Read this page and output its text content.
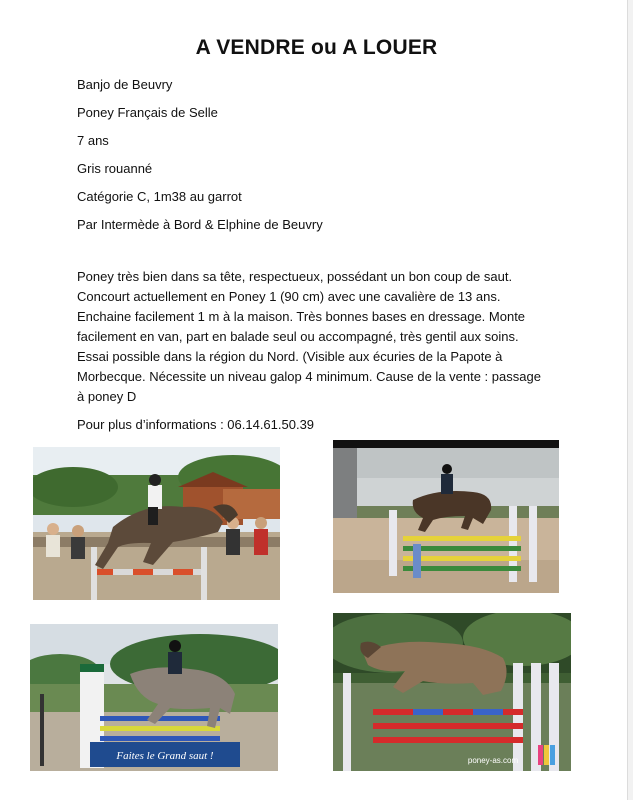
A VENDRE ou A LOUER
Banjo de Beuvry
Poney Français de Selle
7 ans
Gris rouanné
Catégorie C, 1m38 au garrot
Par Intermède à Bord & Elphine de Beuvry
Poney très bien dans sa tête, respectueux, possédant un bon coup de saut.
Concourt actuellement en Poney 1 (90 cm) avec une cavalière de 13 ans.
Enchaine facilement 1 m à la maison. Très bonnes bases en dressage. Monte
facilement en van, part en balade seul ou accompagné, très gentil aux soins.
Essai possible dans la région du Nord. (Visible aux écuries de la Papote à
Morbecque. Nécessite un niveau galop 4 minimum. Cause de la vente : passage
à poney D
Pour plus d’informations : 06.14.61.50.39
Faites le Grand saut !	poney-as.com
